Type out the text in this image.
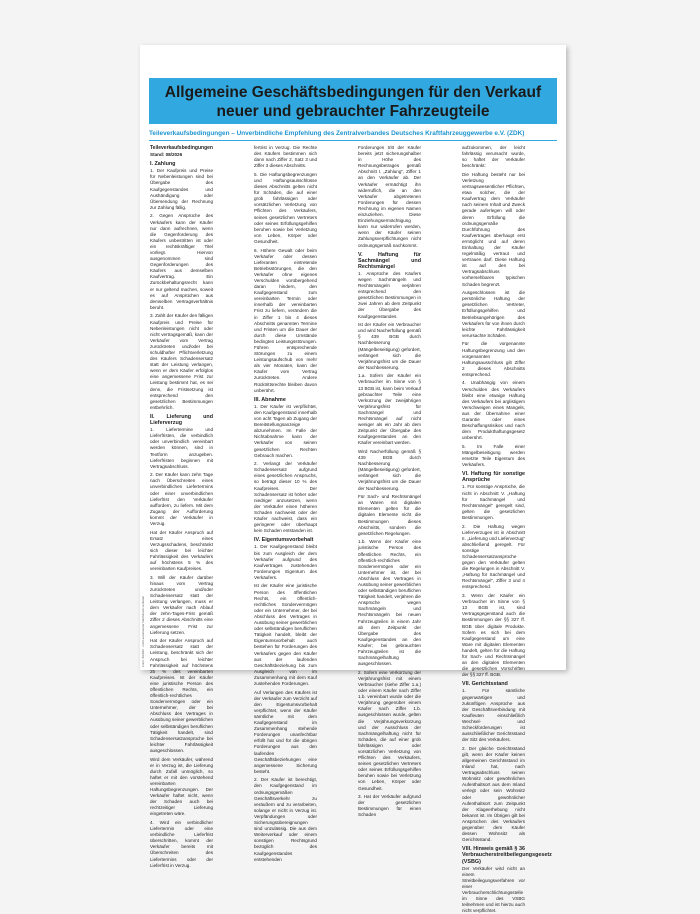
Allgemeine Geschäftsbedingungen für den Verkauf
neuer und gebrauchter Fahrzeugteile
Teileverkaufsbedingungen – Unverbindliche Empfehlung des Zentralverbandes Deutsches Kraftfahrzeuggewerbe e.V. (ZDK)
Form. 8/2026 · nicht autorisierter Nachdruck verboten
Teileverkaufsbedingungen
Stand: 08/2026
I. Zahlung
1. Der Kaufpreis und Preise für Nebenleistungen sind bei Übergabe des Kaufgegenstandes und Aushändigung oder Übersendung der Rechnung zur Zahlung fällig.
2. Gegen Ansprüche des Verkäufers kann der Käufer nur dann aufrechnen, wenn die Gegenforderung des Käufers unbestritten ist oder ein rechtskräftiger Titel vorliegt. Hiervon ausgenommen sind Gegenforderungen des Käufers aus demselben Kaufvertrag. Ein Zurückbehaltungsrecht kann er nur geltend machen, soweit es auf Ansprüchen aus demselben Vertragsverhältnis beruht.
3. Zahlt der Käufer den fälligen Kaufpreis und Preise für Nebenleistungen nicht oder nicht vertragsgemäß, kann der Verkäufer vom Vertrag zurücktreten und/oder bei schuldhafter Pflichtverletzung des Käufers Schadensersatz statt der Leistung verlangen, wenn er dem Käufer erfolglos eine angemessene Frist zur Leistung bestimmt hat, es sei denn, die Fristsetzung ist entsprechend den gesetzlichen Bestimmungen entbehrlich.
II. Lieferung und Lieferverzug
1. Liefertermine und Lieferfristen, die verbindlich oder unverbindlich vereinbart werden können, sind in Textform anzugeben. Lieferfristen beginnen mit Vertragsabschluss.
2. Der Käufer kann zehn Tage nach Überschreiten eines unverbindlichen Liefertermins oder einer unverbindlichen Lieferfrist den Verkäufer auffordern, zu liefern. Mit dem Zugang der Aufforderung kommt der Verkäufer in Verzug.
Hat der Käufer Anspruch auf Ersatz eines Verzugsschadens, beschränkt sich dieser bei leichter Fahrlässigkeit des Verkäufers auf höchstens 5 % des vereinbarten Kaufpreises.
3. Will der Käufer darüber hinaus vom Vertrag zurücktreten und/oder Schadensersatz statt der Leistung verlangen, muss er dem Verkäufer nach Ablauf der zehn-Tages-Frist gemäß Ziffer 2 dieses Abschnitts eine angemessene Frist zur Lieferung setzen.
Hat der Käufer Anspruch auf Schadensersatz statt der Leistung, beschränkt sich der Anspruch bei leichter Fahrlässigkeit auf höchstens 25 % des vereinbarten Kaufpreises. Ist der Käufer eine juristische Person des öffentlichen Rechts, ein öffentlich-rechtliches Sondervermögen oder ein Unternehmer, der bei Abschluss des Vertrages in Ausübung seiner gewerblichen oder selbständigen beruflichen Tätigkeit handelt, sind Schadensersatzansprüche bei leichter Fahrlässigkeit ausgeschlossen.
Wird dem Verkäufer, während er in Verzug ist, die Lieferung durch Zufall unmöglich, so haftet er mit den vorstehend vereinbarten Haftungsbegrenzungen. Der Verkäufer haftet nicht, wenn der Schaden auch bei rechtzeitiger Lieferung eingetreten wäre.
4. Wird ein verbindlicher Liefertermin oder eine verbindliche Lieferfrist überschritten, kommt der Verkäufer bereits mit Überschreiten des Liefertermins oder der Lieferfrist in Verzug.
fertrist in Verzug. Die Rechte des Käufers bestimmen sich dann nach Ziffer 2, Satz 3 und Ziffer 3 dieses Abschnitts.
5. Die Haftungsbegrenzungen und Haftungsausschlüsse dieses Abschnitts gelten nicht für Schäden, die auf einer grob fahrlässigen oder vorsätzlichen Verletzung von Pflichten des Verkäufers, seines gesetzlichen Vertreters oder seines Erfüllungsgehilfen beruhen sowie bei Verletzung von Leben, Körper oder Gesundheit.
6. Höhere Gewalt oder beim Verkäufer oder dessen Lieferanten eintretende Betriebsstörungen, die den Verkäufer ohne eigenes Verschulden vorübergehend daran hindern, den Kaufgegenstand zum vereinbarten Termin oder innerhalb der vereinbarten Frist zu liefern, verändern die in Ziffer 1 bis 4 dieses Abschnitts genannten Termine und Fristen um die Dauer der durch diese Umstände bedingten Leistungsstörungen. Führen entsprechende Störungen zu einem Leistungsaufschub von mehr als vier Monaten, kann der Käufer vom Vertrag zurücktreten. Andere Rücktrittsrechte bleiben davon unberührt.
III. Abnahme
1. Der Käufer ist verpflichtet, den Kaufgegenstand innerhalb von acht Tagen ab Zugang der Bereitstellungsanzeige abzunehmen. Im Falle der Nichtabnahme kann der Verkäufer von seinen gesetzlichen Rechten Gebrauch machen.
2. Verlangt der Verkäufer Schadensersatz aufgrund eines gesetzlichen Anspruchs, so beträgt dieser 10 % des Kaufpreises. Der Schadensersatz ist höher oder niedriger anzusetzen, wenn der Verkäufer einen höheren Schaden nachweist oder der Käufer nachweist, dass ein geringerer oder überhaupt kein Schaden entstanden ist.
IV. Eigentumsvorbehalt
1. Der Kaufgegenstand bleibt bis zum Ausgleich der dem Verkäufer aufgrund des Kaufvertrages zustehenden Forderungen Eigentum des Verkäufers.
Ist der Käufer eine juristische Person des öffentlichen Rechts, ein öffentlich-rechtliches Sondervermögen oder ein Unternehmer, der bei Abschluss des Vertrages in Ausübung seiner gewerblichen oder selbständigen beruflichen Tätigkeit handelt, bleibt der Eigentumsvorbehalt auch bestehen für Forderungen des Verkäufers gegen den Käufer aus der laufenden Geschäftsbeziehung bis zum Ausgleich von im Zusammenhang mit dem Kauf zustehenden Forderungen.
Auf Verlangen des Käufers ist der Verkäufer zum Verzicht auf den Eigentumsvorbehalt verpflichtet, wenn der Käufer sämtliche mit dem Kaufgegenstand im Zusammenhang stehende Forderungen unanfechtbar erfüllt hat und für die übrigen Forderungen aus den laufenden Geschäftsbeziehungen eine angemessene Sicherung besteht.
2. Der Käufer ist berechtigt, den Kaufgegenstand im ordnungsgemäßen Geschäftsverkehr zu veräußern und zu verarbeiten, solange er nicht in Verzug ist. Verpfändungen oder Sicherungsübereignungen sind unzulässig. Die aus dem Weiterverkauf oder einem sonstigen Rechtsgrund bezüglich des Kaufgegenstandes entstehenden
Forderungen tritt der Käufer bereits jetzt sicherungshalber in Höhe des Rechnungsbetrages gemäß Abschnitt I. „Zahlung“, Ziffer 1 an den Verkäufer ab. Der Verkäufer ermächtigt ihn widerruflich, die an den Verkäufer abgetretenen Forderungen für dessen Rechnung im eigenen Namen einzuziehen. Diese Einziehungsermächtigung kann nur widerrufen werden, wenn der Käufer seinen Zahlungsverpflichtungen nicht ordnungsgemäß nachkommt.
V. Haftung für Sachmängel und Rechtsmängel
1. Ansprüche des Käufers wegen Sachmängeln und Rechtsmängeln verjähren entsprechend den gesetzlichen Bestimmungen in zwei Jahren ab dem Zeitpunkt der Übergabe des Kaufgegenstandes.
Ist der Käufer ein Verbraucher und wird Nacherfüllung gemäß § 439 BGB durch Nachbesserung (Mängelbeseitigung) gefordert, verlängert sich die Verjährungsfrist um die Dauer der Nachbesserung.
1.a. Sofern der Käufer ein Verbraucher im Sinne von § 13 BGB ist, kann beim Verkauf gebrauchter Teile eine Verkürzung der zweijährigen Verjährungsfrist für Sachmängel und Rechtsmängel auf nicht weniger als ein Jahr ab dem Zeitpunkt der Übergabe des Kaufgegenstandes an den Käufer vereinbart werden.
Wird Nacherfüllung gemäß § 439 BGB durch Nachbesserung (Mängelbeseitigung) gefordert, verlängert sich die Verjährungsfrist um die Dauer der Nachbesserung.
Für Sach- und Rechtsmängel an Waren mit digitalen Elementen gelten für die digitalen Elemente nicht die Bestimmungen dieses Abschnitts, sondern die gesetzlichen Regelungen.
1.b. Wenn der Käufer eine juristische Person des öffentlichen Rechts, ein öffentlich-rechtliches Sondervermögen oder ein Unternehmer ist, der bei Abschluss des Vertrages in Ausübung seiner gewerblichen oder selbständigen beruflichen Tätigkeit handelt, verjähren die Ansprüche wegen Sachmängeln und Rechtsmängeln bei neuen Fahrzeugteilen in einem Jahr ab dem Zeitpunkt der Übergabe des Kaufgegenstandes an den Käufer; bei gebrauchten Fahrzeugteilen ist die Sachmängelhaftung ausgeschlossen.
2. Sofern eine Verkürzung der Verjährungsfrist mit einem Verbraucher (siehe Ziffer 1.a.) oder einem Käufer nach Ziffer 1.b. vereinbart wurde oder die Verjährung gegenüber einem Käufer nach Ziffer 1.b. ausgeschlossen wurde, gelten die Verjährungsverkürzung und der Ausschluss der Sachmängelhaftung nicht für Schäden, die auf einer grob fahrlässigen oder vorsätzlichen Verletzung von Pflichten des Verkäufers, seines gesetzlichen Vertreters oder seines Erfüllungsgehilfen beruhen sowie bei Verletzung von Leben, Körper oder Gesundheit.
3. Hat der Verkäufer aufgrund der gesetzlichen Bestimmungen für einen Schaden
aufzukommen, der leicht fahrlässig verursacht wurde, so haftet der Verkäufer beschränkt:
Die Haftung besteht nur bei Verletzung vertragswesentlicher Pflichten, etwa solcher, die der Kaufvertrag dem Verkäufer nach seinem Inhalt und Zweck gerade auferlegen will oder deren Erfüllung die ordnungsgemäße Durchführung des Kaufvertrages überhaupt erst ermöglicht und auf deren Einhaltung der Käufer regelmäßig vertraut und vertrauen darf. Diese Haftung ist auf den bei Vertragsabschluss vorhersehbaren typischen Schaden begrenzt.
Ausgeschlossen ist die persönliche Haftung der gesetzlichen Vertreter, Erfüllungsgehilfen und Betriebsangehörigen des Verkäufers für von ihnen durch leichte Fahrlässigkeit verursachte Schäden.
Für die vorgenannte Haftungsbegrenzung und den vorgenannten Haftungsausschluss gilt Ziffer 2 dieses Abschnitts entsprechend.
4. Unabhängig von einem Verschulden des Verkäufers bleibt eine etwaige Haftung des Verkäufers bei arglistigem Verschweigen eines Mangels, aus der Übernahme einer Garantie oder eines Beschaffungsrisikos und nach dem Produkthaftungsgesetz unberührt.
5. Im Falle einer Mängelbeseitigung werden ersetzte Teile Eigentum des Verkäufers.
VI. Haftung für sonstige Ansprüche
1. Für sonstige Ansprüche, die nicht in Abschnitt V. „Haftung für Sachmängel und Rechtsmängel“ geregelt sind, gelten die gesetzlichen Bestimmungen.
2. Die Haftung wegen Lieferverzuges ist in Abschnitt II. „Lieferung und Lieferverzug“ abschließend geregelt. Für sonstige Schadensersatzansprüche gegen den Verkäufer gelten die Regelungen in Abschnitt V. „Haftung für Sachmängel und Rechtsmängel“, Ziffer 3 und 4 entsprechend.
3. Wenn der Käufer ein Verbraucher im Sinne von § 13 BGB ist, sind Vertragsgegenstand auch die Bestimmungen der §§ 327 ff. BGB über digitale Produkte. Sofern es sich bei dem Kaufgegenstand um eine Ware mit digitalen Elementen handelt, gelten für die Haftung für Sach- und Rechtsmängel an den digitalen Elementen die gesetzlichen Vorschriften der §§ 327 ff. BGB.
VII. Gerichtsstand
1. Für sämtliche gegenwärtigen und zukünftigen Ansprüche aus der Geschäftsverbindung mit Kaufleuten einschließlich Wechsel- und Scheckforderungen ist ausschließlicher Gerichtsstand der Sitz des Verkäufers.
2. Der gleiche Gerichtsstand gilt, wenn der Käufer keinen allgemeinen Gerichtsstand im Inland hat, nach Vertragsabschluss seinen Wohnsitz oder gewöhnlichen Aufenthaltsort aus dem Inland verlegt oder sein Wohnsitz oder gewöhnlicher Aufenthaltsort zum Zeitpunkt der Klageerhebung nicht bekannt ist. Im Übrigen gilt bei Ansprüchen des Verkäufers gegenüber dem Käufer dessen Wohnsitz als Gerichtsstand.
VIII. Hinweis gemäß § 36 Verbraucherstreitbeilegungsgesetz (VSBG)
Der Verkäufer wird nicht an einem Streitbeilegungsverfahren vor einer Verbraucherschlichtungsstelle im Sinne des VSBG teilnehmen und ist hierzu auch nicht verpflichtet.
